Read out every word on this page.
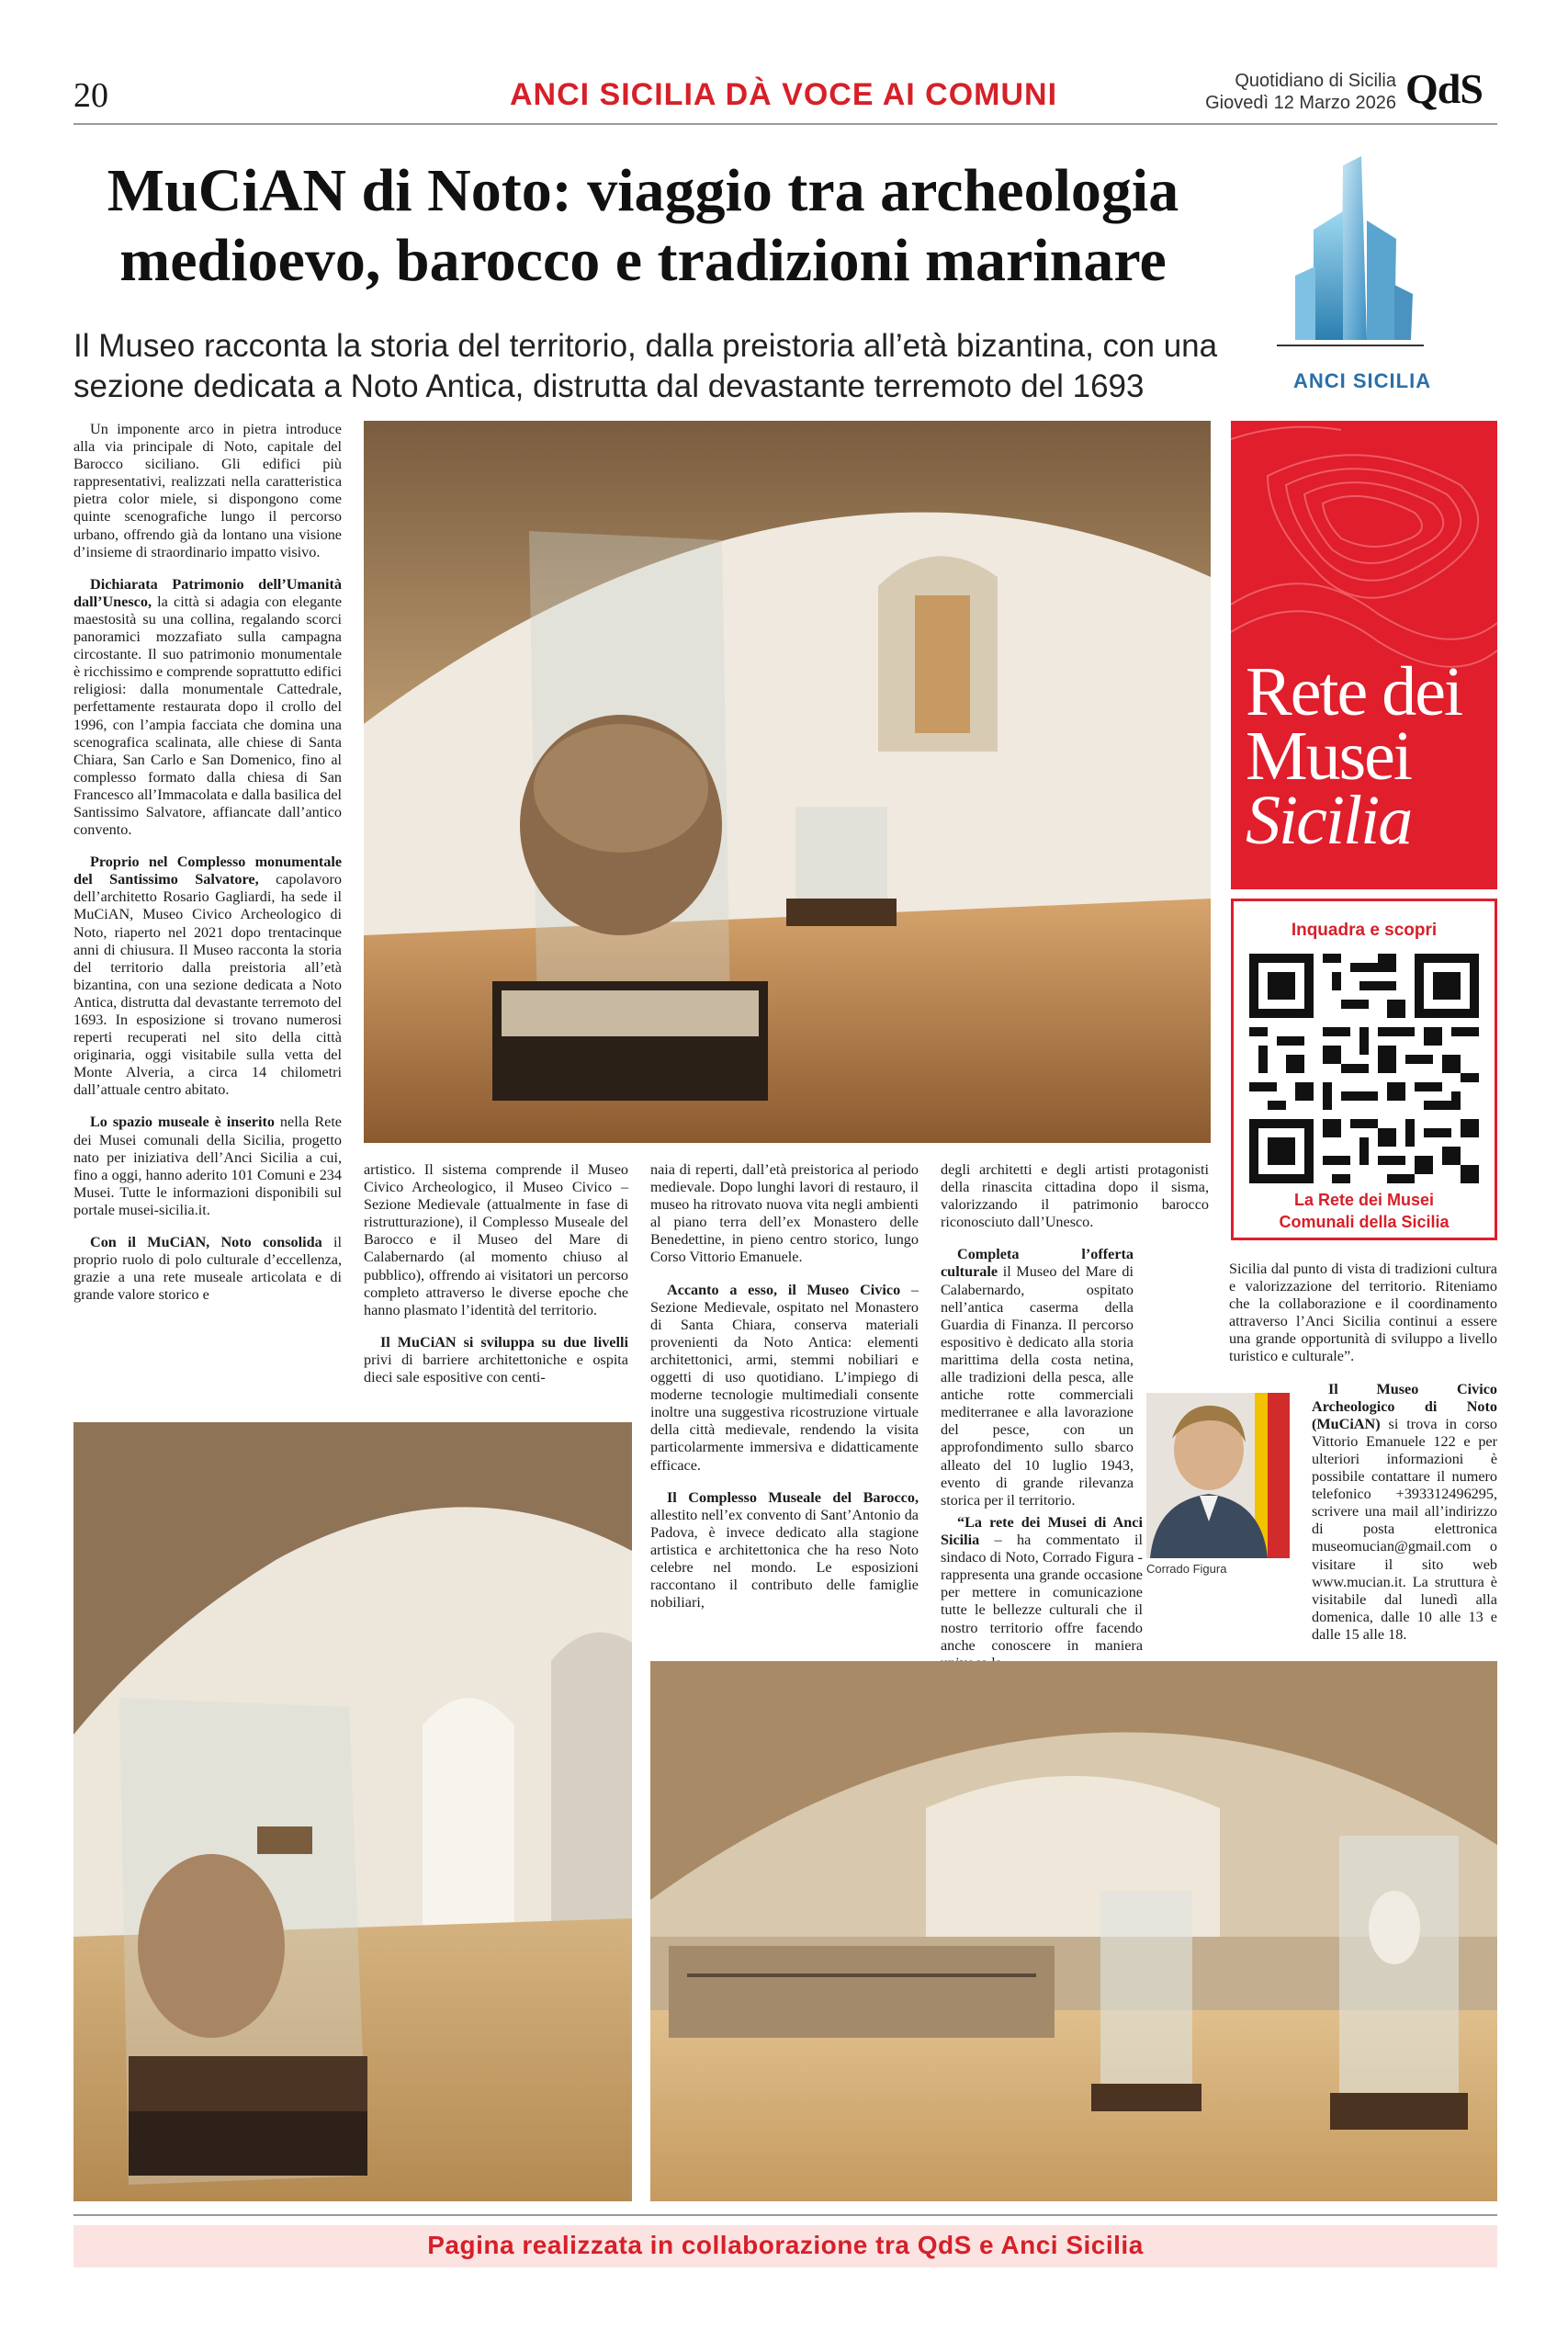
20	ANCI SICILIA DÀ VOCE AI COMUNI	Quotidiano di Sicilia
Giovedì 12 Marzo 2026 QdS
MuCiAN di Noto: viaggio tra archeologia
medioevo, barocco e tradizioni marinare
Il Museo racconta la storia del territorio, dalla preistoria all’età bizantina, con una sezione dedicata a Noto Antica, distrutta dal devastante terremoto del 1693	ANCI SICILIA

Un imponente arco in pietra introduce alla via principale di Noto, capitale del Barocco siciliano. Gli edifici più rappresentativi, realizzati nella caratteristica pietra color miele, si dispongono come quinte scenografiche lungo il percorso urbano, offrendo già da lontano una visione d’insieme di straordinario impatto visivo.

Dichiarata Patrimonio dell’Umanità dall’Unesco, la città si adagia con elegante maestosità su una collina, regalando scorci panoramici mozzafiato sulla campagna circostante. Il suo patrimonio monumentale è ricchissimo e comprende soprattutto edifici religiosi: dalla monumentale Cattedrale, perfettamente restaurata dopo il crollo del 1996, con l’ampia facciata che domina una scenografica scalinata, alle chiese di Santa Chiara, San Carlo e San Domenico, fino al complesso formato dalla chiesa di San Francesco all’Immacolata e dalla basilica del Santissimo Salvatore, affiancate dall’antico convento.

Proprio nel Complesso monumentale del Santissimo Salvatore, capolavoro dell’architetto Rosario Gagliardi, ha sede il MuCiAN, Museo Civico Archeologico di Noto, riaperto nel 2021 dopo trentacinque anni di chiusura. Il Museo racconta la storia del territorio dalla preistoria all’età bizantina, con una sezione dedicata a Noto Antica, distrutta dal devastante terremoto del 1693. In esposizione si trovano numerosi reperti recuperati nel sito della città originaria, oggi visitabile sulla vetta del Monte Alveria, a circa 14 chilometri dall’attuale centro abitato.

Lo spazio museale è inserito nella Rete dei Musei comunali della Sicilia, progetto nato per iniziativa dell’Anci Sicilia a cui, fino a oggi, hanno aderito 101 Comuni e 234 Musei. Tutte le informazioni disponibili sul portale musei-sicilia.it.

Con il MuCiAN, Noto consolida il proprio ruolo di polo culturale d’eccellenza, grazie a una rete museale articolata e di grande valore storico e

artistico. Il sistema comprende il Museo Civico Archeologico, il Museo Civico – Sezione Medievale (attualmente in fase di ristrutturazione), il Complesso Museale del Barocco e il Museo del Mare di Calabernardo (al momento chiuso al pubblico), offrendo ai visitatori un percorso completo attraverso le diverse epoche che hanno plasmato l’identità del territorio.

Il MuCiAN si sviluppa su due livelli privi di barriere architettoniche e ospita dieci sale espositive con centi-

naia di reperti, dall’età preistorica al periodo medievale. Dopo lunghi lavori di restauro, il museo ha ritrovato nuova vita negli ambienti al piano terra dell’ex Monastero delle Benedettine, in pieno centro storico, lungo Corso Vittorio Emanuele.

Accanto a esso, il Museo Civico – Sezione Medievale, ospitato nel Monastero di Santa Chiara, conserva materiali provenienti da Noto Antica: elementi architettonici, armi, stemmi nobiliari e oggetti di uso quotidiano. L’impiego di moderne tecnologie multimediali consente inoltre una suggestiva ricostruzione virtuale della città medievale, rendendo la visita particolarmente immersiva e didatticamente efficace.

Il Complesso Museale del Barocco, allestito nell’ex convento di Sant’Antonio da Padova, è invece dedicato alla stagione artistica e architettonica che ha reso Noto celebre nel mondo. Le esposizioni raccontano il contributo delle famiglie nobiliari,

degli architetti e degli artisti protagonisti della rinascita cittadina dopo il sisma, valorizzando il patrimonio barocco riconosciuto dall’Unesco.

Completa l’offerta culturale il Museo del Mare di Calabernardo, ospitato nell’antica caserma della Guardia di Finanza. Il percorso espositivo è dedicato alla storia marittima della costa netina, alle tradizioni della pesca, alle antiche rotte commerciali mediterranee e alla lavorazione del pesce, con un approfondimento sullo sbarco alleato del 10 luglio 1943, evento di grande rilevanza storica per il territorio.

Corrado Figura

“La rete dei Musei di Anci Sicilia – ha commentato il sindaco di Noto, Corrado Figura - rappresenta una grande occasione per mettere in comunicazione tutte le bellezze culturali che il nostro territorio offre facendo anche conoscere in maniera

Sicilia dal punto di vista di tradizioni cultura e valorizzazione del territorio. Riteniamo che la collaborazione e il coordinamento attraverso l’Anci Sicilia continui a essere una grande opportunità di sviluppo a livello turistico e culturale”.

Il Museo Civico Archeologico di Noto (MuCiAN) si trova in corso Vittorio Emanuele 122 e per ulteriori informazioni è possibile contattare il numero telefonico +393312496295, scrivere una mail all’indirizzo di posta elettronica museomucian@gmail.com o visitare il sito web www.mucian.it. La struttura è visitabile dal lunedì alla domenica, dalle 10 alle 13 e dalle 15 alle 18.

Rete dei
Musei
Sicilia
Inquadra e scopri
La Rete dei Musei
Comunali della Sicilia
Pagina realizzata in collaborazione tra QdS e Anci Sicilia
